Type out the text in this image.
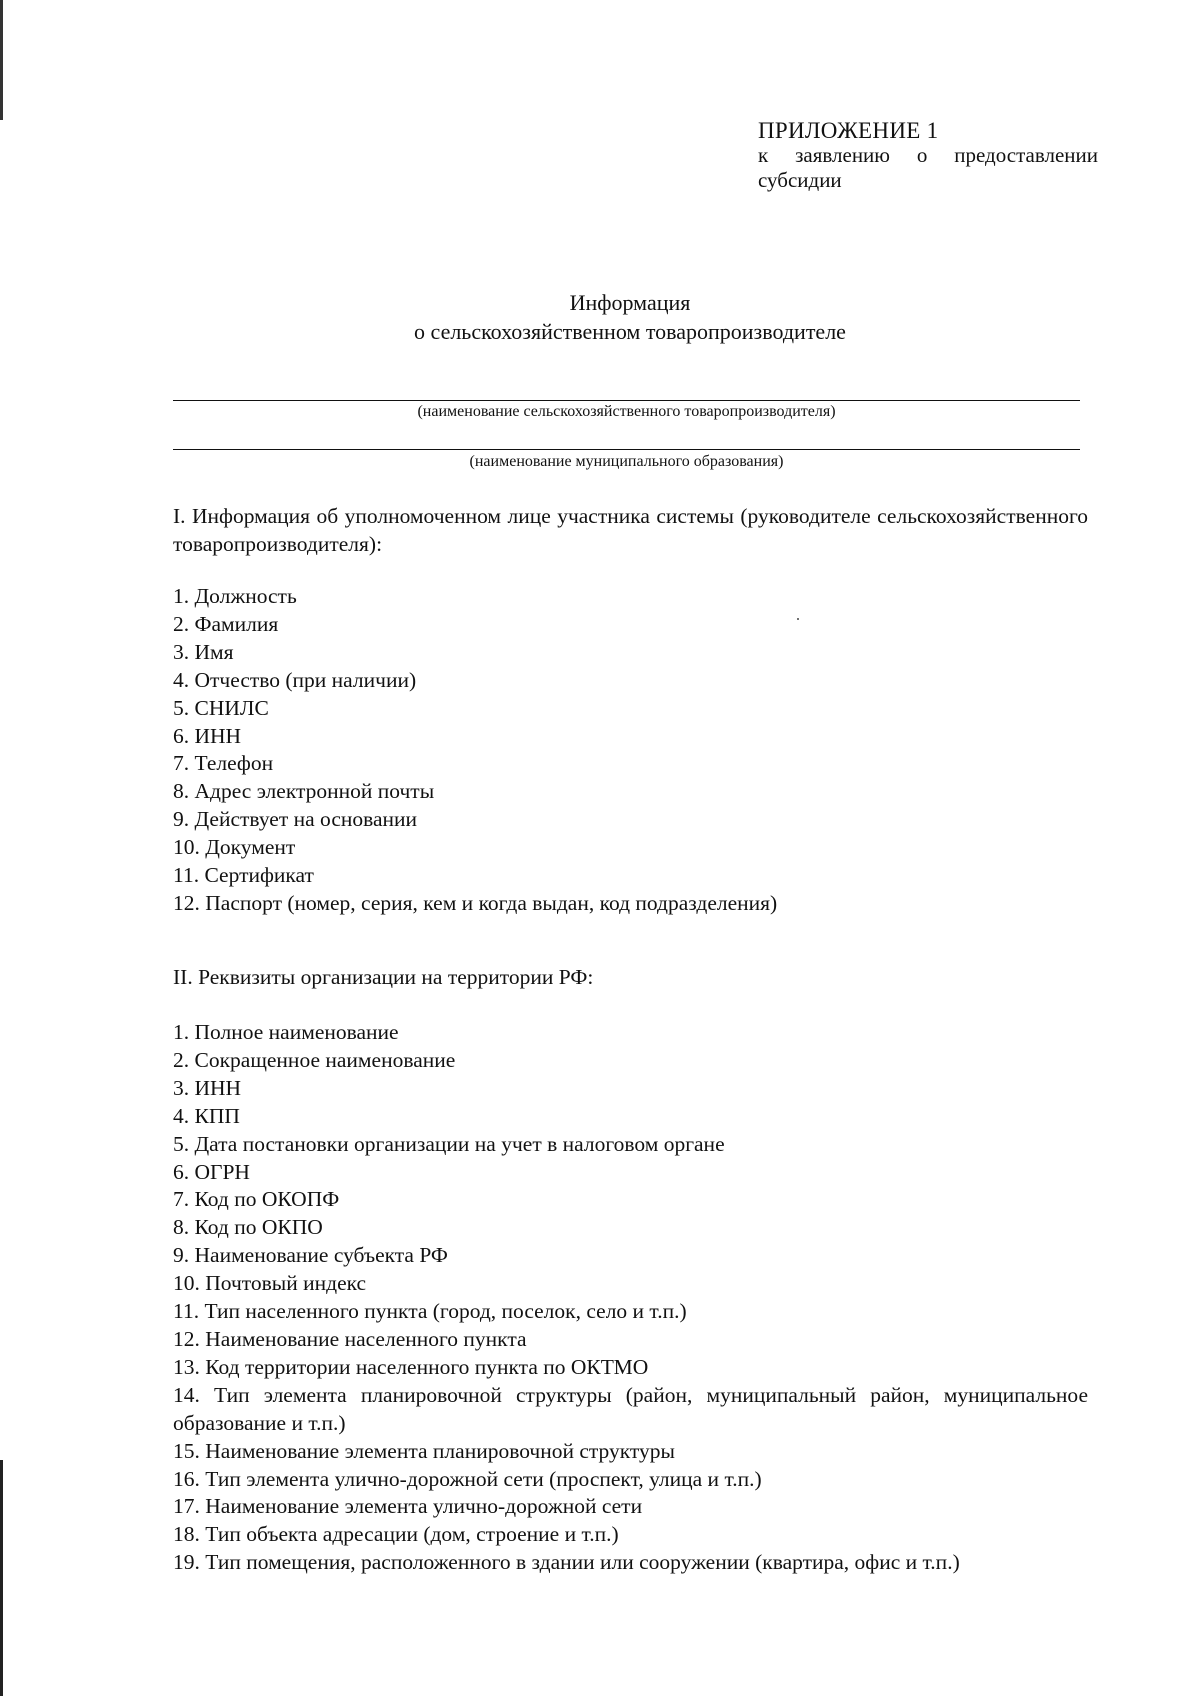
ПРИЛОЖЕНИЕ 1
к заявлению о предоставлении субсидии
Информация
о сельскохозяйственном товаропроизводителе
(наименование сельскохозяйственного товаропроизводителя)
(наименование муниципального образования)
I. Информация об уполномоченном лице участника системы (руководителе сельскохозяйственного товаропроизводителя):
1. Должность
2. Фамилия
3. Имя
4. Отчество (при наличии)
5. СНИЛС
6. ИНН
7. Телефон
8. Адрес электронной почты
9. Действует на основании
10. Документ
11. Сертификат
12. Паспорт (номер, серия, кем и когда выдан, код подразделения)
II. Реквизиты организации на территории РФ:
1. Полное наименование
2. Сокращенное наименование
3. ИНН
4. КПП
5. Дата постановки организации на учет в налоговом органе
6. ОГРН
7. Код по ОКОПФ
8. Код по ОКПО
9. Наименование субъекта РФ
10. Почтовый индекс
11. Тип населенного пункта (город, поселок, село и т.п.)
12. Наименование населенного пункта
13. Код территории населенного пункта по ОКТМО
14. Тип элемента планировочной структуры (район, муниципальный район, муниципальное образование и т.п.)
15. Наименование элемента планировочной структуры
16. Тип элемента улично-дорожной сети (проспект, улица и т.п.)
17. Наименование элемента улично-дорожной сети
18. Тип объекта адресации (дом, строение и т.п.)
19. Тип помещения, расположенного в здании или сооружении (квартира, офис и т.п.)
